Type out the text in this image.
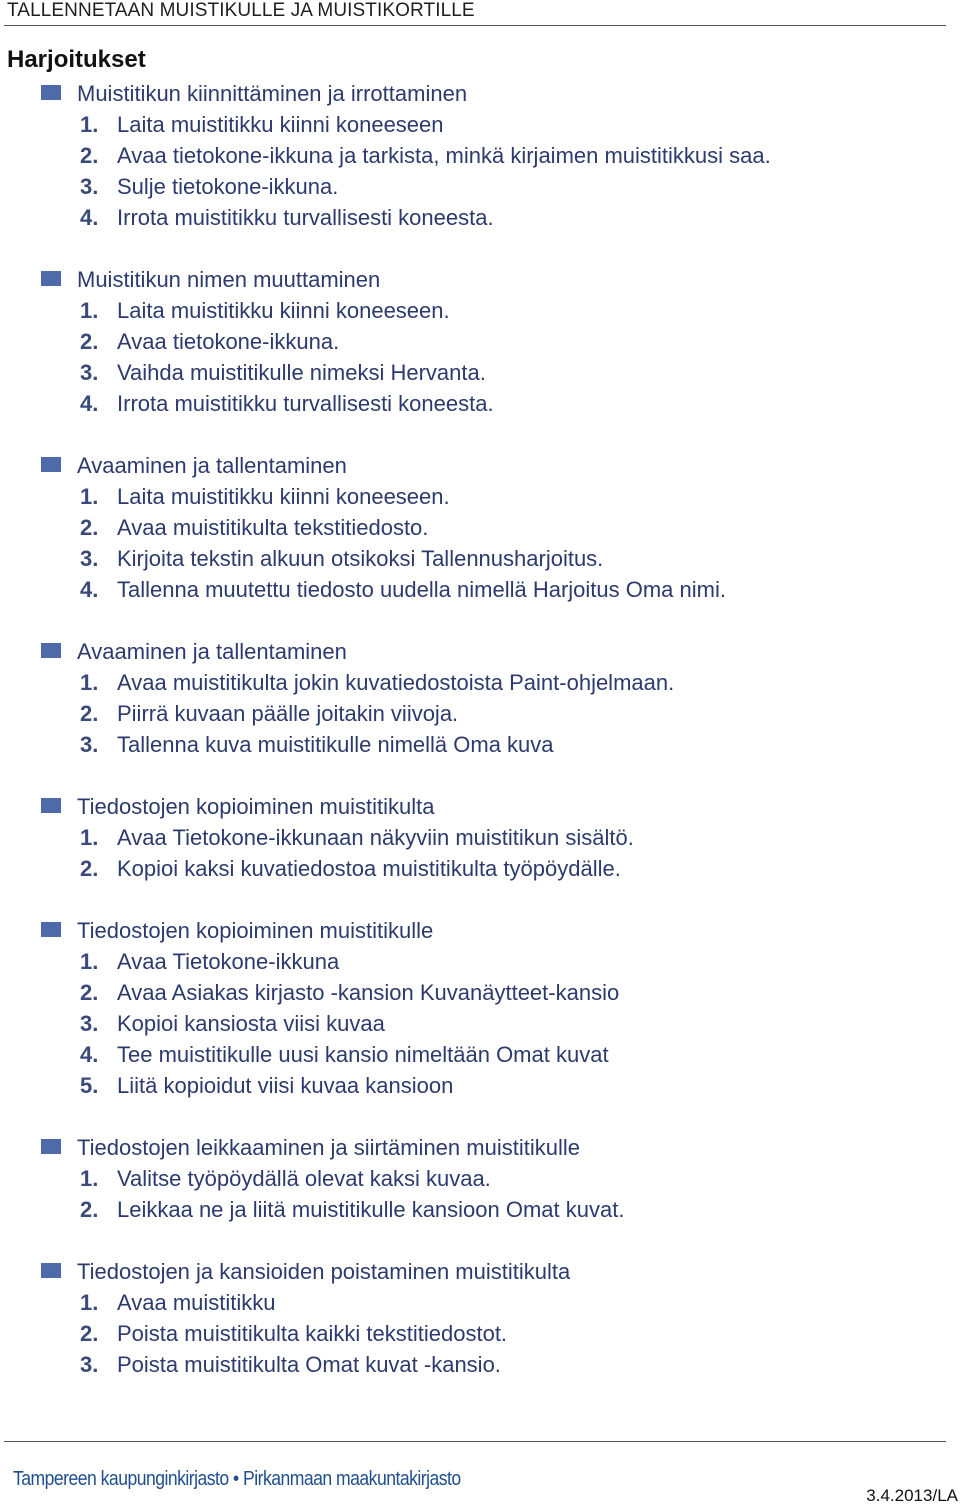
TALLENNETAAN MUISTIKULLE JA MUISTIKORTILLE
Harjoitukset
Muistitikun kiinnittäminen ja irrottaminen
1. Laita muistitikku kiinni koneeseen
2. Avaa tietokone-ikkuna ja tarkista, minkä kirjaimen muistitikkusi saa.
3. Sulje tietokone-ikkuna.
4. Irrota muistitikku turvallisesti koneesta.
Muistitikun nimen muuttaminen
1. Laita muistitikku kiinni koneeseen.
2. Avaa tietokone-ikkuna.
3. Vaihda muistitikulle nimeksi Hervanta.
4. Irrota muistitikku turvallisesti koneesta.
Avaaminen ja tallentaminen
1. Laita muistitikku kiinni koneeseen.
2. Avaa muistitikulta tekstitiedosto.
3. Kirjoita tekstin alkuun otsikoksi Tallennusharjoitus.
4. Tallenna muutettu tiedosto uudella nimellä Harjoitus Oma nimi.
Avaaminen ja tallentaminen
1. Avaa muistitikulta jokin kuvatiedostoista Paint-ohjelmaan.
2. Piirrä kuvaan päälle joitakin viivoja.
3. Tallenna kuva muistitikulle nimellä Oma kuva
Tiedostojen kopioiminen muistitikulta
1. Avaa Tietokone-ikkunaan näkyviin muistitikun sisältö.
2. Kopioi kaksi kuvatiedostoa muistitikulta työpöydälle.
Tiedostojen kopioiminen muistitikulle
1. Avaa Tietokone-ikkuna
2. Avaa Asiakas kirjasto -kansion Kuvanäytteet-kansio
3. Kopioi kansiosta viisi kuvaa
4. Tee muistitikulle uusi kansio nimeltään Omat kuvat
5. Liitä kopioidut viisi kuvaa kansioon
Tiedostojen leikkaaminen ja siirtäminen muistitikulle
1. Valitse työpöydällä olevat kaksi kuvaa.
2. Leikkaa ne ja liitä muistitikulle kansioon Omat kuvat.
Tiedostojen ja kansioiden poistaminen muistitikulta
1. Avaa muistitikku
2. Poista muistitikulta kaikki tekstitiedostot.
3. Poista muistitikulta Omat kuvat -kansio.
Tampereen kaupunginkirjasto • Pirkanmaan maakuntakirjasto
3.4.2013/LA
